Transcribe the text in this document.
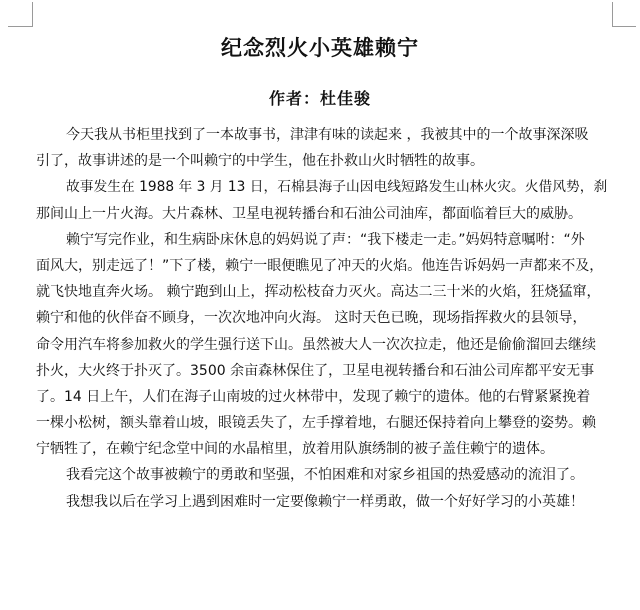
纪念烈火小英雄赖宁
作者：杜佳骏
今天我从书柜里找到了一本故事书，津津有味的读起来 ，我被其中的一个故事深深吸
引了，故事讲述的是一个叫赖宁的中学生，他在扑救山火时牺牲的故事。
故事发生在 1988 年 3 月 13 日，石棉县海子山因电线短路发生山林火灾。火借风势，刹
那间山上一片火海。大片森林、卫星电视转播台和石油公司油库，都面临着巨大的威胁。
赖宁写完作业，和生病卧床休息的妈妈说了声：“我下楼走一走。”妈妈特意嘱咐：“外
面风大，别走远了！”下了楼，赖宁一眼便瞧见了冲天的火焰。他连告诉妈妈一声都来不及，
就飞快地直奔火场。 赖宁跑到山上，挥动松枝奋力灭火。高达二三十米的火焰，狂烧猛窜，
赖宁和他的伙伴奋不顾身，一次次地冲向火海。 这时天色已晚，现场指挥救火的县领导，
命令用汽车将参加救火的学生强行送下山。虽然被大人一次次拉走，他还是偷偷溜回去继续
扑火，大火终于扑灭了。3500 余亩森林保住了，卫星电视转播台和石油公司库都平安无事
了。14 日上午，人们在海子山南坡的过火林带中，发现了赖宁的遗体。他的右臂紧紧挽着
一棵小松树，额头靠着山坡，眼镜丢失了，左手撑着地，右腿还保持着向上攀登的姿势。赖
宁牺牲了，在赖宁纪念堂中间的水晶棺里，放着用队旗绣制的被子盖住赖宁的遗体。
我看完这个故事被赖宁的勇敢和坚强，不怕困难和对家乡祖国的热爱感动的流泪了。
我想我以后在学习上遇到困难时一定要像赖宁一样勇敢，做一个好好学习的小英雄！
